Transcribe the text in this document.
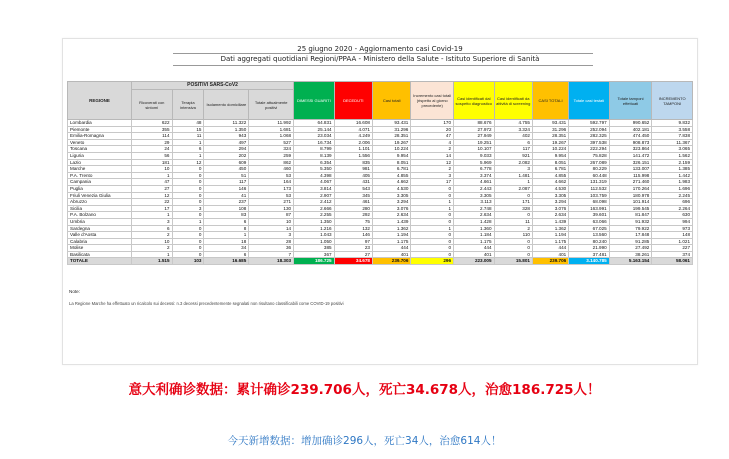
25 giugno 2020 - Aggiornamento casi Covid-19
Dati aggregati quotidiani Regioni/PPAA - Ministero della Salute - Istituto Superiore di Sanità
REGIONE	POSITIVI SARS-CoV2				DIMESSI GUARITI	DECEDUTI	Casi totali	Incremento casi totali (rispetto al giorno precedente)	Casi identificati dal sospetto diagnostico	Casi identificati da attività di screening	CASI TOTALI	Totale casi testati	Totale tamponi effettuati	INCREMENTO TAMPONI
	Ricoverati con sintomi	Terapia intensiva	Isolamento domiciliare	Totale attualmente positivi										
Lombardia	622	48	11.322	11.992	64.831	16.608	93.431	170	88.676	4.755	93.431	592.797	990.652	9.832
Piemonte	355	15	1.350	1.681	25.144	4.071	31.296	20	27.972	3.324	31.296	252.094	402.181	3.558
Emilia-Romagna	114	11	943	1.068	23.034	4.249	28.351	47	27.949	402	28.351	282.325	474.450	7.838
Veneto	29	1	497	527	16.734	2.006	19.267	4	19.251	6	19.267	397.538	908.873	11.367
Toscana	24	6	294	324	8.799	1.101	10.224	2	10.107	117	10.224	222.294	323.864	3.065
Liguria	56	1	202	259	8.139	1.556	9.954	14	9.033	921	9.954	75.828	141.472	1.562
Lazio	181	12	609	862	6.354	835	8.051	12	5.969	2.082	8.051	267.089	326.151	2.159
Marche	10	0	450	460	5.350	981	6.781	2	6.778	3	6.781	80.229	133.007	1.385
P.A. Trento	1	0	51	53	4.398	405	4.855	3	3.374	1.481	4.855	60.448	115.998	1.442
Campania	47	0	117	164	4.067	431	4.662	17	4.661	1	4.662	131.319	271.460	1.983
Puglia	27	0	146	173	3.814	543	4.530	0	2.443	2.087	4.530	112.532	170.264	1.696
Friuli Venezia Giulia	12	0	41	53	2.907	345	3.305	0	3.305	0	3.305	103.759	180.978	2.245
Abruzzo	22	0	237	271	2.412	461	3.294	1	3.113	171	3.294	68.098	101.914	696
Sicilia	17	3	108	130	2.666	280	3.076	1	2.748	328	3.076	163.991	199.545	2.264
P.A. Bolzano	1	0	83	87	2.255	292	2.634	0	2.634	0	2.634	39.601	81.847	630
Umbria	3	1	6	10	1.350	75	1.439	0	1.428	11	1.439	63.066	91.932	994
Sardegna	6	0	8	14	1.216	132	1.362	1	1.360	2	1.362	67.025	79.922	973
Valle d'Aosta	2	0	1	3	1.043	146	1.194	0	1.184	110	1.194	13.560	17.848	148
Calabria	10	0	18	28	1.050	97	1.175	0	1.175	0	1.175	80.240	91.285	1.021
Molise	2	0	34	36	385	23	444	0	444	0	444	21.990	27.492	227
Basilicata	1	0	6	7	367	27	401	0	401	0	401	37.481	38.261	374
TOTALE	1.515	103	16.685	18.303	186.725	34.678	239.706	296	223.005	15.801	239.706	3.140.785	5.163.154	58.061
Note:
La Regione Marche ha effettuato un ricalcolo sui decessi: n.3 decessi precedentemente segnalati non risultano classificabili come COVID-19 positivi
意大利确诊数据：累计确诊239.706人，死亡34.678人，治愈186.725人！
今天新增数据：增加确诊296人，死亡34人，治愈614人！
